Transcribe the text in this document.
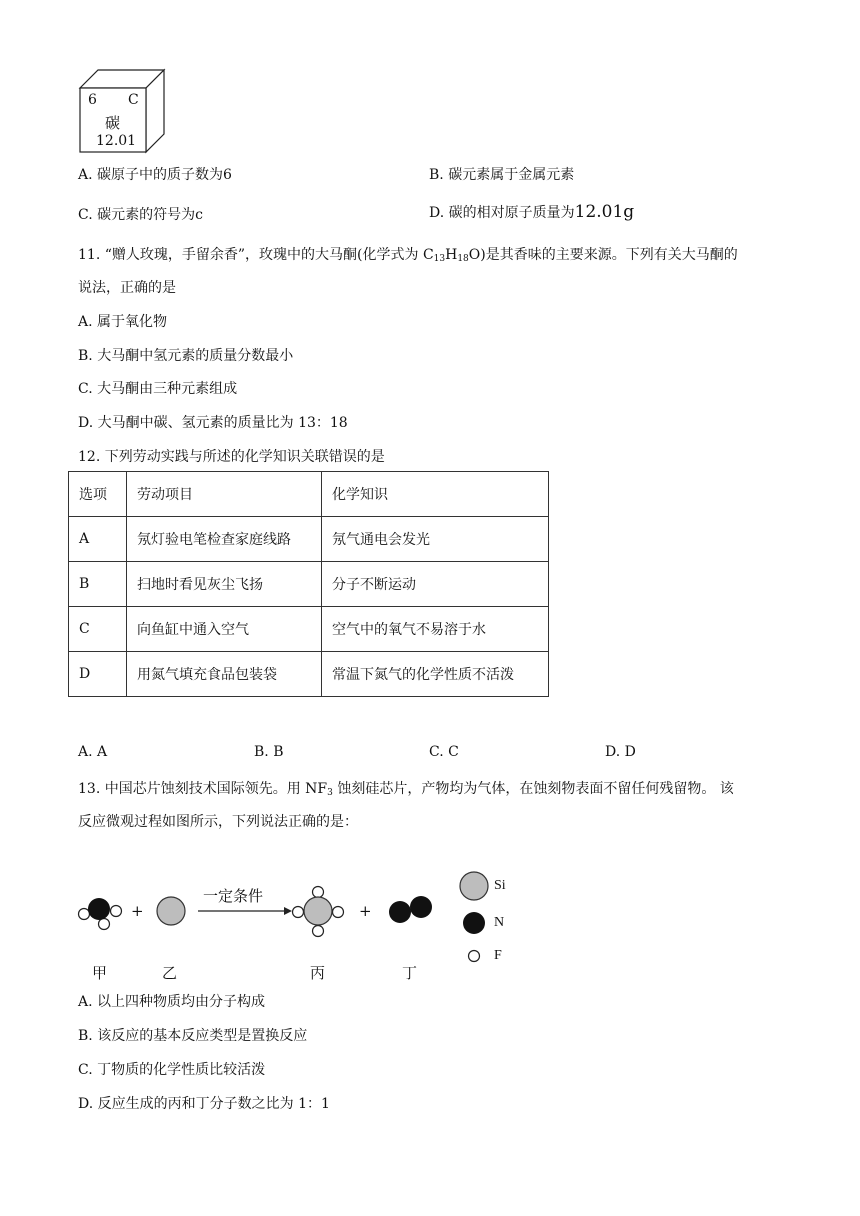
6 C
碳
12.01
A. 碳原子中的质子数为6	B. 碳元素属于金属元素
C. 碳元素的符号为c	D. 碳的相对原子质量为12.01g
11. “赠人玫瑰，手留余香”，玫瑰中的大马酮(化学式为 $C_{13}H_{18}O$)是其香味的主要来源。下列有关大马酮的
说法，正确的是
A. 属于氧化物
B. 大马酮中氢元素的质量分数最小
C. 大马酮由三种元素组成
D. 大马酮中碳、氢元素的质量比为 13：18
12. 下列劳动实践与所述的化学知识关联错误的是
选项	劳动项目	化学知识
A	氖灯验电笔检查家庭线路	氖气通电会发光
B	扫地时看见灰尘飞扬	分子不断运动
C	向鱼缸中通入空气	空气中的氧气不易溶于水
D	用氮气填充食品包装袋	常温下氮气的化学性质不活泼
A. A	B. B	C. C	D. D
13. 中国芯片蚀刻技术国际领先。用 $NF_3$ 蚀刻硅芯片，产物均为气体，在蚀刻物表面不留任何残留物。 该
反应微观过程如图所示，下列说法正确的是：
一定条件
+	+
Si
N
F
甲	乙	丙	丁
A. 以上四种物质均由分子构成
B. 该反应的基本反应类型是置换反应
C. 丁物质的化学性质比较活泼
D. 反应生成的丙和丁分子数之比为 1：1
